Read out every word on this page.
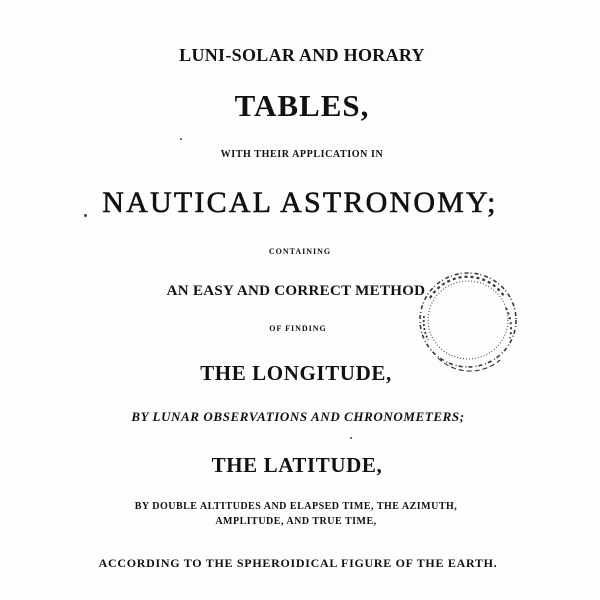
LUNI-SOLAR AND HORARY
TABLES,
WITH THEIR APPLICATION IN
NAUTICAL ASTRONOMY;
CONTAINING
AN EASY AND CORRECT METHOD
OF FINDING
THE LONGITUDE,
BY LUNAR OBSERVATIONS AND CHRONOMETERS;
THE LATITUDE,
BY DOUBLE ALTITUDES AND ELAPSED TIME, THE AZIMUTH,
AMPLITUDE, AND TRUE TIME,
ACCORDING TO THE SPHEROIDICAL FIGURE OF THE EARTH.
